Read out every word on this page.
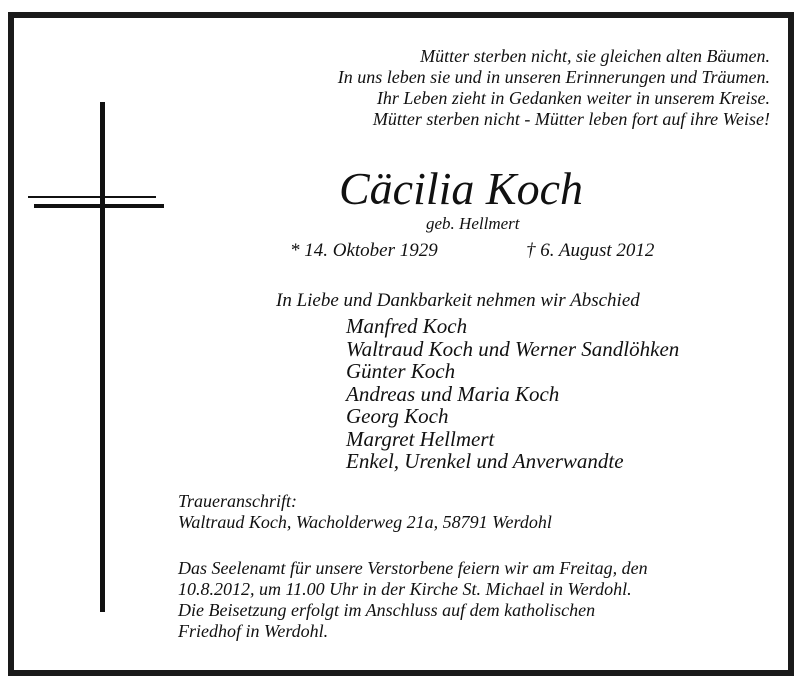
Mütter sterben nicht, sie gleichen alten Bäumen.
In uns leben sie und in unseren Erinnerungen und Träumen.
Ihr Leben zieht in Gedanken weiter in unserem Kreise.
Mütter sterben nicht - Mütter leben fort auf ihre Weise!
Cäcilia Koch
geb. Hellmert
* 14. Oktober 1929	† 6. August 2012
In Liebe und Dankbarkeit nehmen wir Abschied
Manfred Koch
Waltraud Koch und Werner Sandlöhken
Günter Koch
Andreas und Maria Koch
Georg Koch
Margret Hellmert
Enkel, Urenkel und Anverwandte
Traueranschrift:
Waltraud Koch, Wacholderweg 21a, 58791 Werdohl
Das Seelenamt für unsere Verstorbene feiern wir am Freitag, den
10.8.2012, um 11.00 Uhr in der Kirche St. Michael in Werdohl.
Die Beisetzung erfolgt im Anschluss auf dem katholischen
Friedhof in Werdohl.
